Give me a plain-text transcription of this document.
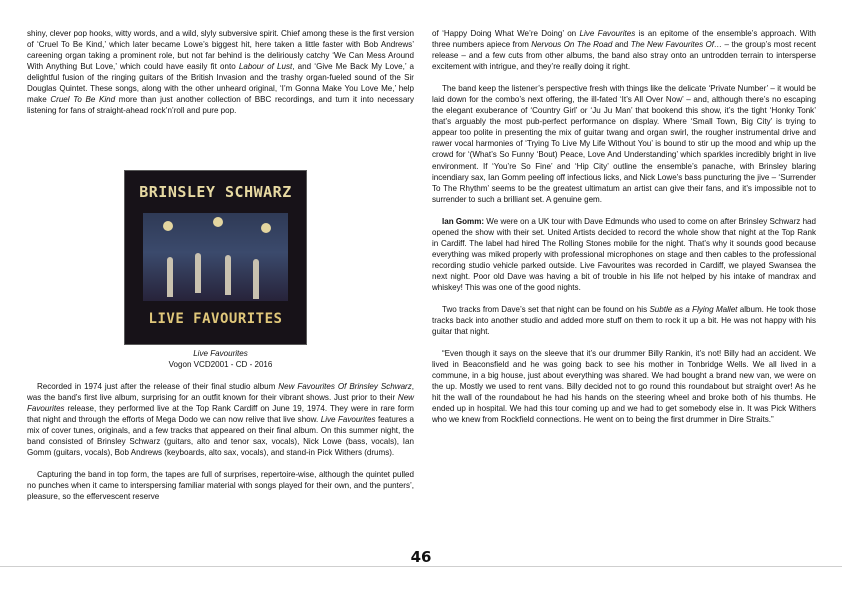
shiny, clever pop hooks, witty words, and a wild, slyly subversive spirit. Chief among these is the first version of ‘Cruel To Be Kind,’ which later became Lowe’s biggest hit, here taken a little faster with Bob Andrews’ careening organ taking a prominent role, but not far behind is the deliriously catchy ‘We Can Mess Around With Anything But Love,’ which could have easily fit onto Labour of Lust, and ‘Give Me Back My Love,’ a delightful fusion of the ringing guitars of the British Invasion and the trashy organ-fueled sound of the Sir Douglas Quintet. These songs, along with the other unheard original, ‘I’m Gonna Make You Love Me,’ help make Cruel To Be Kind more than just another collection of BBC recordings, and turn it into necessary listening for fans of straight-ahead rock’n’roll and pure pop.

BRINSLEY SCHWARZ
LIVE FAVOURITES
Live Favourites
Vogon VCD2001 - CD - 2016

Recorded in 1974 just after the release of their final studio album New Favourites Of Brinsley Schwarz, was the band’s first live album, surprising for an outfit known for their vibrant shows. Just prior to their New Favourites release, they performed live at the Top Rank Cardiff on June 19, 1974. They were in rare form that night and through the efforts of Mega Dodo we can now relive that live show. Live Favourites features a mix of cover tunes, originals, and a few tracks that appeared on their final album. On this summer night, the band consisted of Brinsley Schwarz (guitars, alto and tenor sax, vocals), Nick Lowe (bass, vocals), Ian Gomm (guitars, vocals), Bob Andrews (keyboards, alto sax, vocals), and stand-in Pick Withers (drums).

Capturing the band in top form, the tapes are full of surprises, repertoire-wise, although the quintet pulled no punches when it came to interspersing familiar material with songs played for their own, and the punters’, pleasure, so the effervescent reserve

of ‘Happy Doing What We’re Doing’ on Live Favourites is an epitome of the ensemble’s approach. With three numbers apiece from Nervous On The Road and The New Favourites Of… – the group’s most recent release – and a few cuts from other albums, the band also stray onto an untrodden terrain to intersperse excitement with intrigue, and they’re really doing it right.

The band keep the listener’s perspective fresh with things like the delicate ‘Private Number’ – it would be laid down for the combo’s next offering, the ill-fated ‘It’s All Over Now’ – and, although there’s no escaping the elegant exuberance of ‘Country Girl’ or ‘Ju Ju Man’ that bookend this show, it’s the tight ‘Honky Tonk’ that’s arguably the most pub-perfect performance on display. Where ‘Small Town, Big City’ is trying to appear too polite in presenting the mix of guitar twang and organ swirl, the rougher instrumental drive and rawer vocal harmonies of ‘Trying To Live My Life Without You’ is bound to stir up the mood and whip up the crowd for ‘(What’s So Funny ‘Bout) Peace, Love And Understanding’ which sparkles incredibly bright in live environment. If ‘You’re So Fine’ and ‘Hip City’ outline the ensemble’s panache, with Brinsley blaring incendiary sax, Ian Gomm peeling off infectious licks, and Nick Lowe’s bass puncturing the jive – ‘Surrender To The Rhythm’ seems to be the greatest ultimatum an artist can give their fans, and it’s impossible not to surrender to such a brilliant set. A genuine gem.

Ian Gomm: We were on a UK tour with Dave Edmunds who used to come on after Brinsley Schwarz had opened the show with their set. United Artists decided to record the whole show that night at the Top Rank in Cardiff. The label had hired The Rolling Stones mobile for the night. That’s why it sounds good because everything was miked properly with professional microphones on stage and then cables to the professional recording studio vehicle parked outside. Live Favourites was recorded in Cardiff, we played Swansea the next night. Poor old Dave was having a bit of trouble in his life not helped by his intake of mandrax and whiskey! This was one of the good nights.

Two tracks from Dave’s set that night can be found on his Subtle as a Flying Mallet album. He took those tracks back into another studio and added more stuff on them to rock it up a bit. He was not happy with his guitar that night.

“Even though it says on the sleeve that it’s our drummer Billy Rankin, it’s not! Billy had an accident. We lived in Beaconsfield and he was going back to see his mother in Tonbridge Wells. We all lived in a commune, in a big house, just about everything was shared. We had bought a brand new van, we were on the up. Mostly we used to rent vans. Billy decided not to go round this roundabout but straight over! As he hit the wall of the roundabout he had his hands on the steering wheel and broke both of his thumbs. He ended up in hospital. We had this tour coming up and we had to get somebody else in. It was Pick Withers who we knew from Rockfield connections. He went on to being the first drummer in Dire Straits.”

46
